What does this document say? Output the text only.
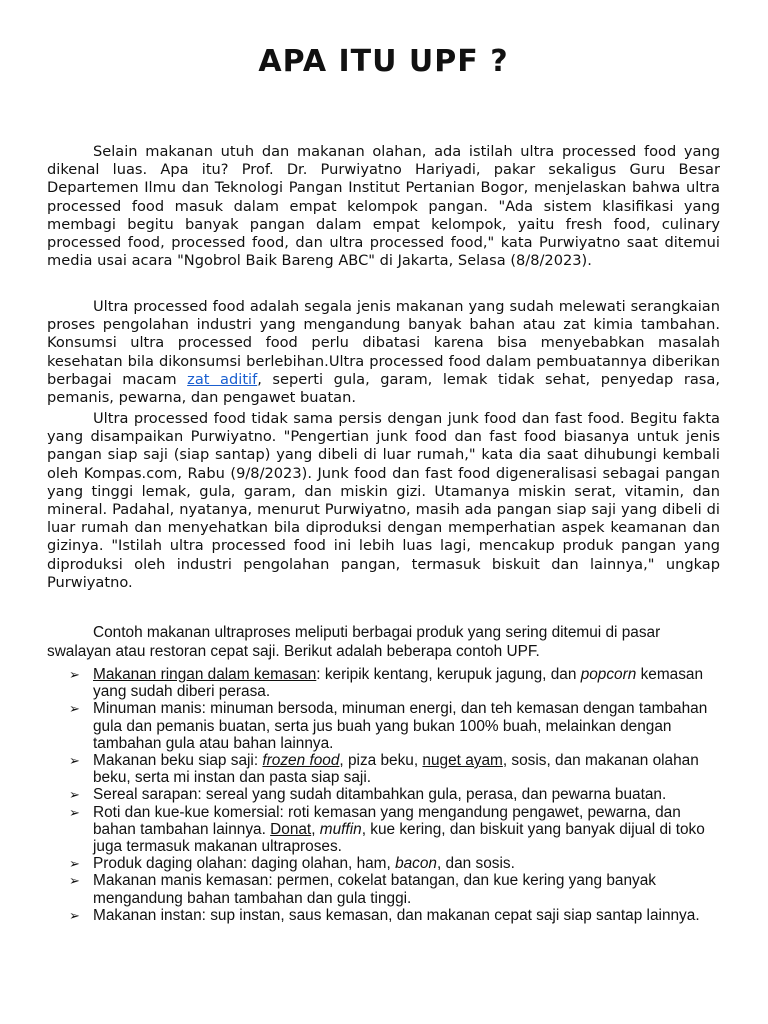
APA ITU UPF ?

Selain makanan utuh dan makanan olahan, ada istilah ultra processed food yang dikenal luas. Apa itu? Prof. Dr. Purwiyatno Hariyadi, pakar sekaligus Guru Besar Departemen Ilmu dan Teknologi Pangan Institut Pertanian Bogor, menjelaskan bahwa ultra processed food masuk dalam empat kelompok pangan. "Ada sistem klasifikasi yang membagi begitu banyak pangan dalam empat kelompok, yaitu fresh food, culinary processed food, processed food, dan ultra processed food," kata Purwiyatno saat ditemui media usai acara "Ngobrol Baik Bareng ABC" di Jakarta, Selasa (8/8/2023).

Ultra processed food adalah segala jenis makanan yang sudah melewati serangkaian proses pengolahan industri yang mengandung banyak bahan atau zat kimia tambahan. Konsumsi ultra processed food perlu dibatasi karena bisa menyebabkan masalah kesehatan bila dikonsumsi berlebihan.Ultra processed food dalam pembuatannya diberikan berbagai macam zat aditif, seperti gula, garam, lemak tidak sehat, penyedap rasa, pemanis, pewarna, dan pengawet buatan.

Ultra processed food tidak sama persis dengan junk food dan fast food. Begitu fakta yang disampaikan Purwiyatno. "Pengertian junk food dan fast food biasanya untuk jenis pangan siap saji (siap santap) yang dibeli di luar rumah," kata dia saat dihubungi kembali oleh Kompas.com, Rabu (9/8/2023). Junk food dan fast food digeneralisasi sebagai pangan yang tinggi lemak, gula, garam, dan miskin gizi. Utamanya miskin serat, vitamin, dan mineral. Padahal, nyatanya, menurut Purwiyatno, masih ada pangan siap saji yang dibeli di luar rumah dan menyehatkan bila diproduksi dengan memperhatian aspek keamanan dan gizinya. "Istilah ultra processed food ini lebih luas lagi, mencakup produk pangan yang diproduksi oleh industri pengolahan pangan, termasuk biskuit dan lainnya," ungkap Purwiyatno.

Contoh makanan ultraproses meliputi berbagai produk yang sering ditemui di pasar swalayan atau restoran cepat saji. Berikut adalah beberapa contoh UPF.

➢ Makanan ringan dalam kemasan: keripik kentang, kerupuk jagung, dan popcorn kemasan yang sudah diberi perasa.
➢ Minuman manis: minuman bersoda, minuman energi, dan teh kemasan dengan tambahan gula dan pemanis buatan, serta jus buah yang bukan 100% buah, melainkan dengan tambahan gula atau bahan lainnya.
➢ Makanan beku siap saji: frozen food, piza beku, nuget ayam, sosis, dan makanan olahan beku, serta mi instan dan pasta siap saji.
➢ Sereal sarapan: sereal yang sudah ditambahkan gula, perasa, dan pewarna buatan.
➢ Roti dan kue-kue komersial: roti kemasan yang mengandung pengawet, pewarna, dan bahan tambahan lainnya. Donat, muffin, kue kering, dan biskuit yang banyak dijual di toko juga termasuk makanan ultraproses.
➢ Produk daging olahan: daging olahan, ham, bacon, dan sosis.
➢ Makanan manis kemasan: permen, cokelat batangan, dan kue kering yang banyak mengandung bahan tambahan dan gula tinggi.
➢ Makanan instan: sup instan, saus kemasan, dan makanan cepat saji siap santap lainnya.
